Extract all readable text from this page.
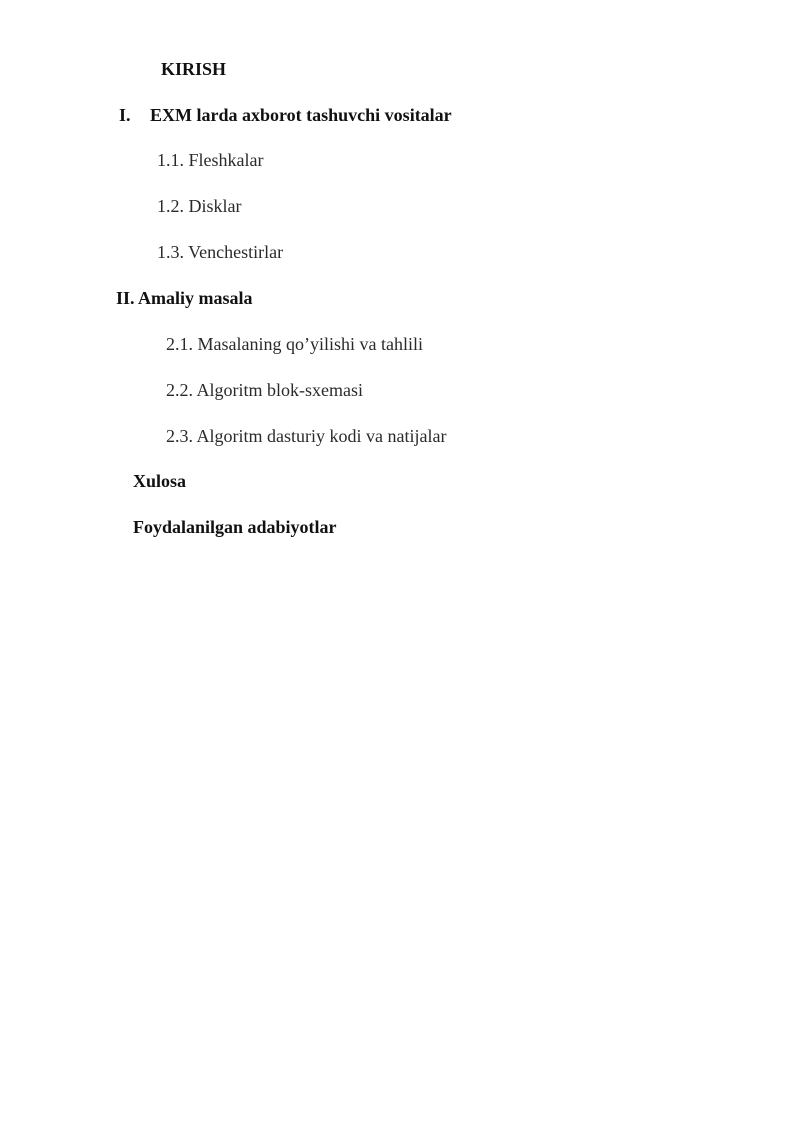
KIRISH
I. EXM larda axborot tashuvchi vositalar
1.1. Fleshkalar
1.2. Disklar
1.3. Venchestirlar
II. Amaliy masala
2.1. Masalaning qo’yilishi va tahlili
2.2. Algoritm blok-sxemasi
2.3. Algoritm dasturiy kodi va natijalar
Xulosa
Foydalanilgan adabiyotlar
